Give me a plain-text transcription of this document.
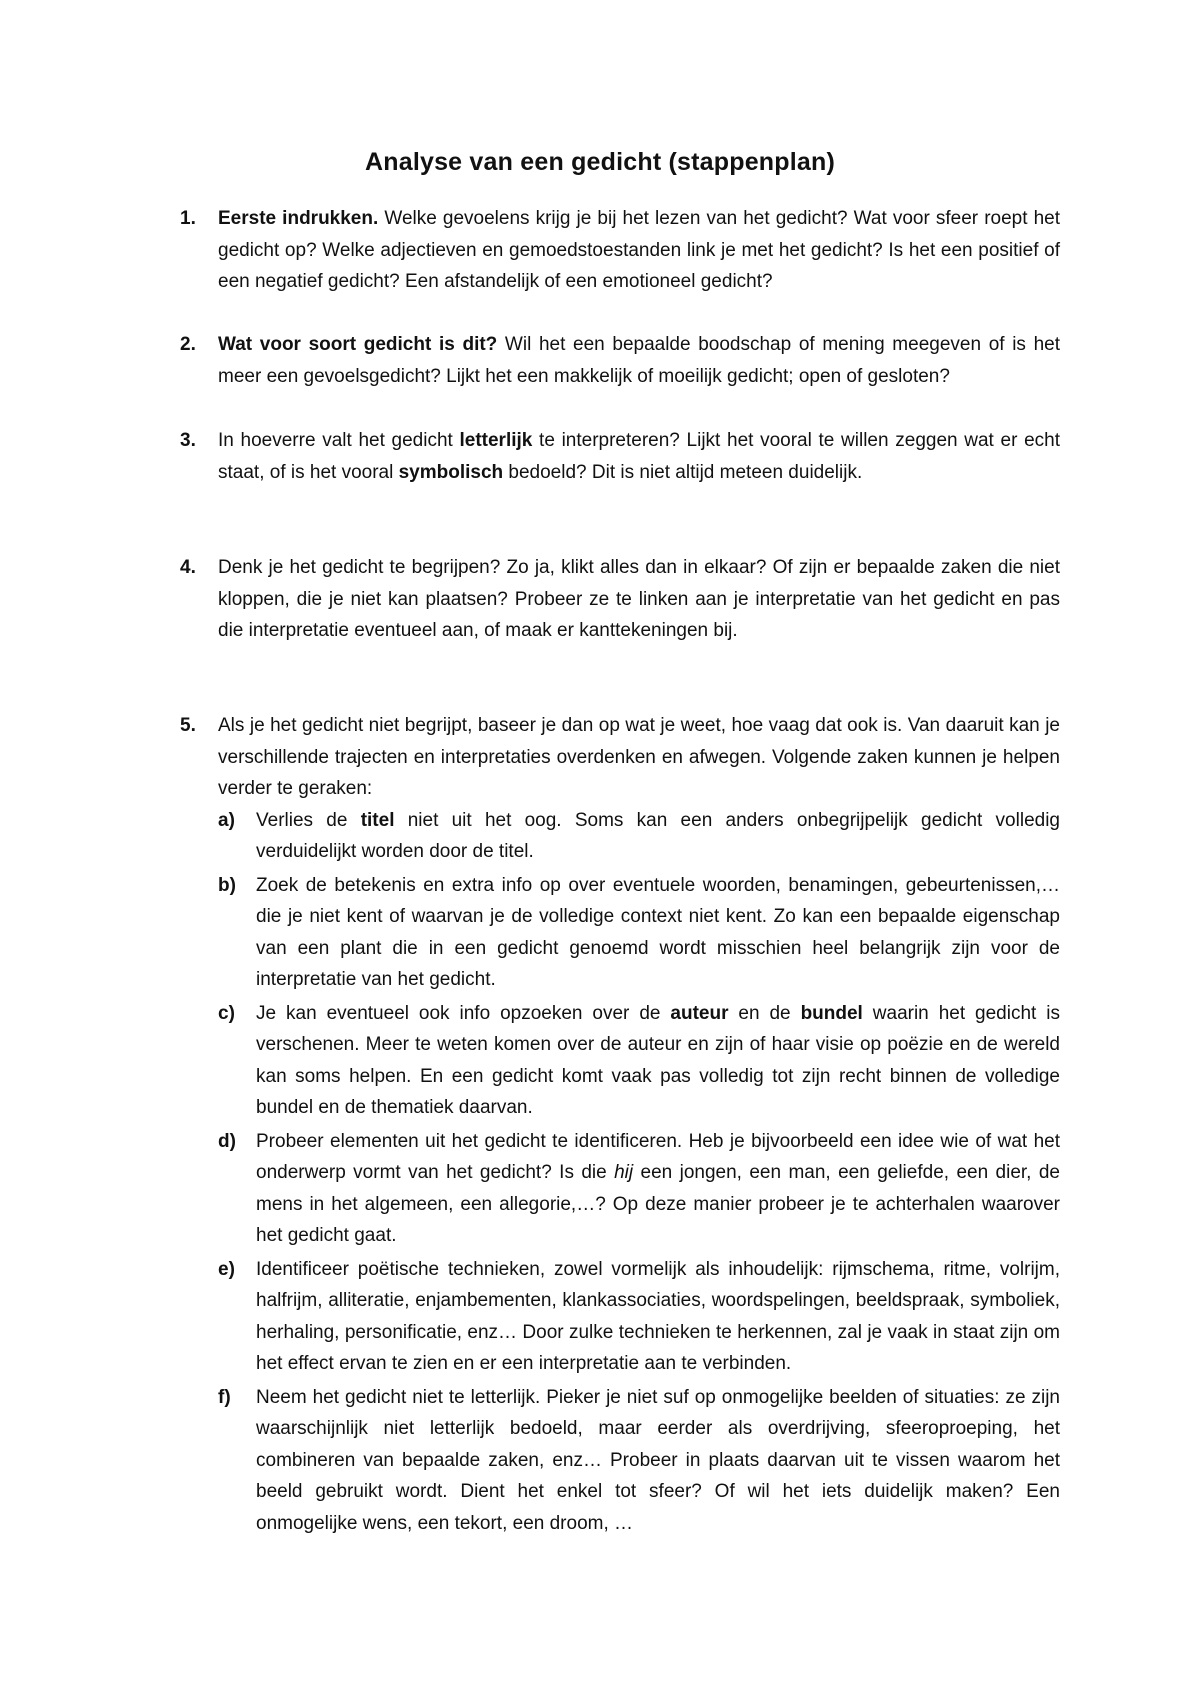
Analyse van een gedicht (stappenplan)
1. Eerste indrukken. Welke gevoelens krijg je bij het lezen van het gedicht? Wat voor sfeer roept het gedicht op? Welke adjectieven en gemoedstoestanden link je met het gedicht? Is het een positief of een negatief gedicht? Een afstandelijk of een emotioneel gedicht?
2. Wat voor soort gedicht is dit? Wil het een bepaalde boodschap of mening meegeven of is het meer een gevoelsgedicht? Lijkt het een makkelijk of moeilijk gedicht; open of gesloten?
3. In hoeverre valt het gedicht letterlijk te interpreteren? Lijkt het vooral te willen zeggen wat er echt staat, of is het vooral symbolisch bedoeld? Dit is niet altijd meteen duidelijk.
4. Denk je het gedicht te begrijpen? Zo ja, klikt alles dan in elkaar? Of zijn er bepaalde zaken die niet kloppen, die je niet kan plaatsen? Probeer ze te linken aan je interpretatie van het gedicht en pas die interpretatie eventueel aan, of maak er kanttekeningen bij.
5. Als je het gedicht niet begrijpt, baseer je dan op wat je weet, hoe vaag dat ook is. Van daaruit kan je verschillende trajecten en interpretaties overdenken en afwegen. Volgende zaken kunnen je helpen verder te geraken:
a) Verlies de titel niet uit het oog. Soms kan een anders onbegrijpelijk gedicht volledig verduidelijkt worden door de titel.
b) Zoek de betekenis en extra info op over eventuele woorden, benamingen, gebeurtenissen,… die je niet kent of waarvan je de volledige context niet kent. Zo kan een bepaalde eigenschap van een plant die in een gedicht genoemd wordt misschien heel belangrijk zijn voor de interpretatie van het gedicht.
c) Je kan eventueel ook info opzoeken over de auteur en de bundel waarin het gedicht is verschenen. Meer te weten komen over de auteur en zijn of haar visie op poëzie en de wereld kan soms helpen. En een gedicht komt vaak pas volledig tot zijn recht binnen de volledige bundel en de thematiek daarvan.
d) Probeer elementen uit het gedicht te identificeren. Heb je bijvoorbeeld een idee wie of wat het onderwerp vormt van het gedicht? Is die hij een jongen, een man, een geliefde, een dier, de mens in het algemeen, een allegorie,…? Op deze manier probeer je te achterhalen waarover het gedicht gaat.
e) Identificeer poëtische technieken, zowel vormelijk als inhoudelijk: rijmschema, ritme, volrijm, halfrijm, alliteratie, enjambementen, klankassociaties, woordspelingen, beeldspraak, symboliek, herhaling, personificatie, enz… Door zulke technieken te herkennen, zal je vaak in staat zijn om het effect ervan te zien en er een interpretatie aan te verbinden.
f) Neem het gedicht niet te letterlijk. Pieker je niet suf op onmogelijke beelden of situaties: ze zijn waarschijnlijk niet letterlijk bedoeld, maar eerder als overdrijving, sfeeroproeping, het combineren van bepaalde zaken, enz… Probeer in plaats daarvan uit te vissen waarom het beeld gebruikt wordt. Dient het enkel tot sfeer? Of wil het iets duidelijk maken? Een onmogelijke wens, een tekort, een droom, …
